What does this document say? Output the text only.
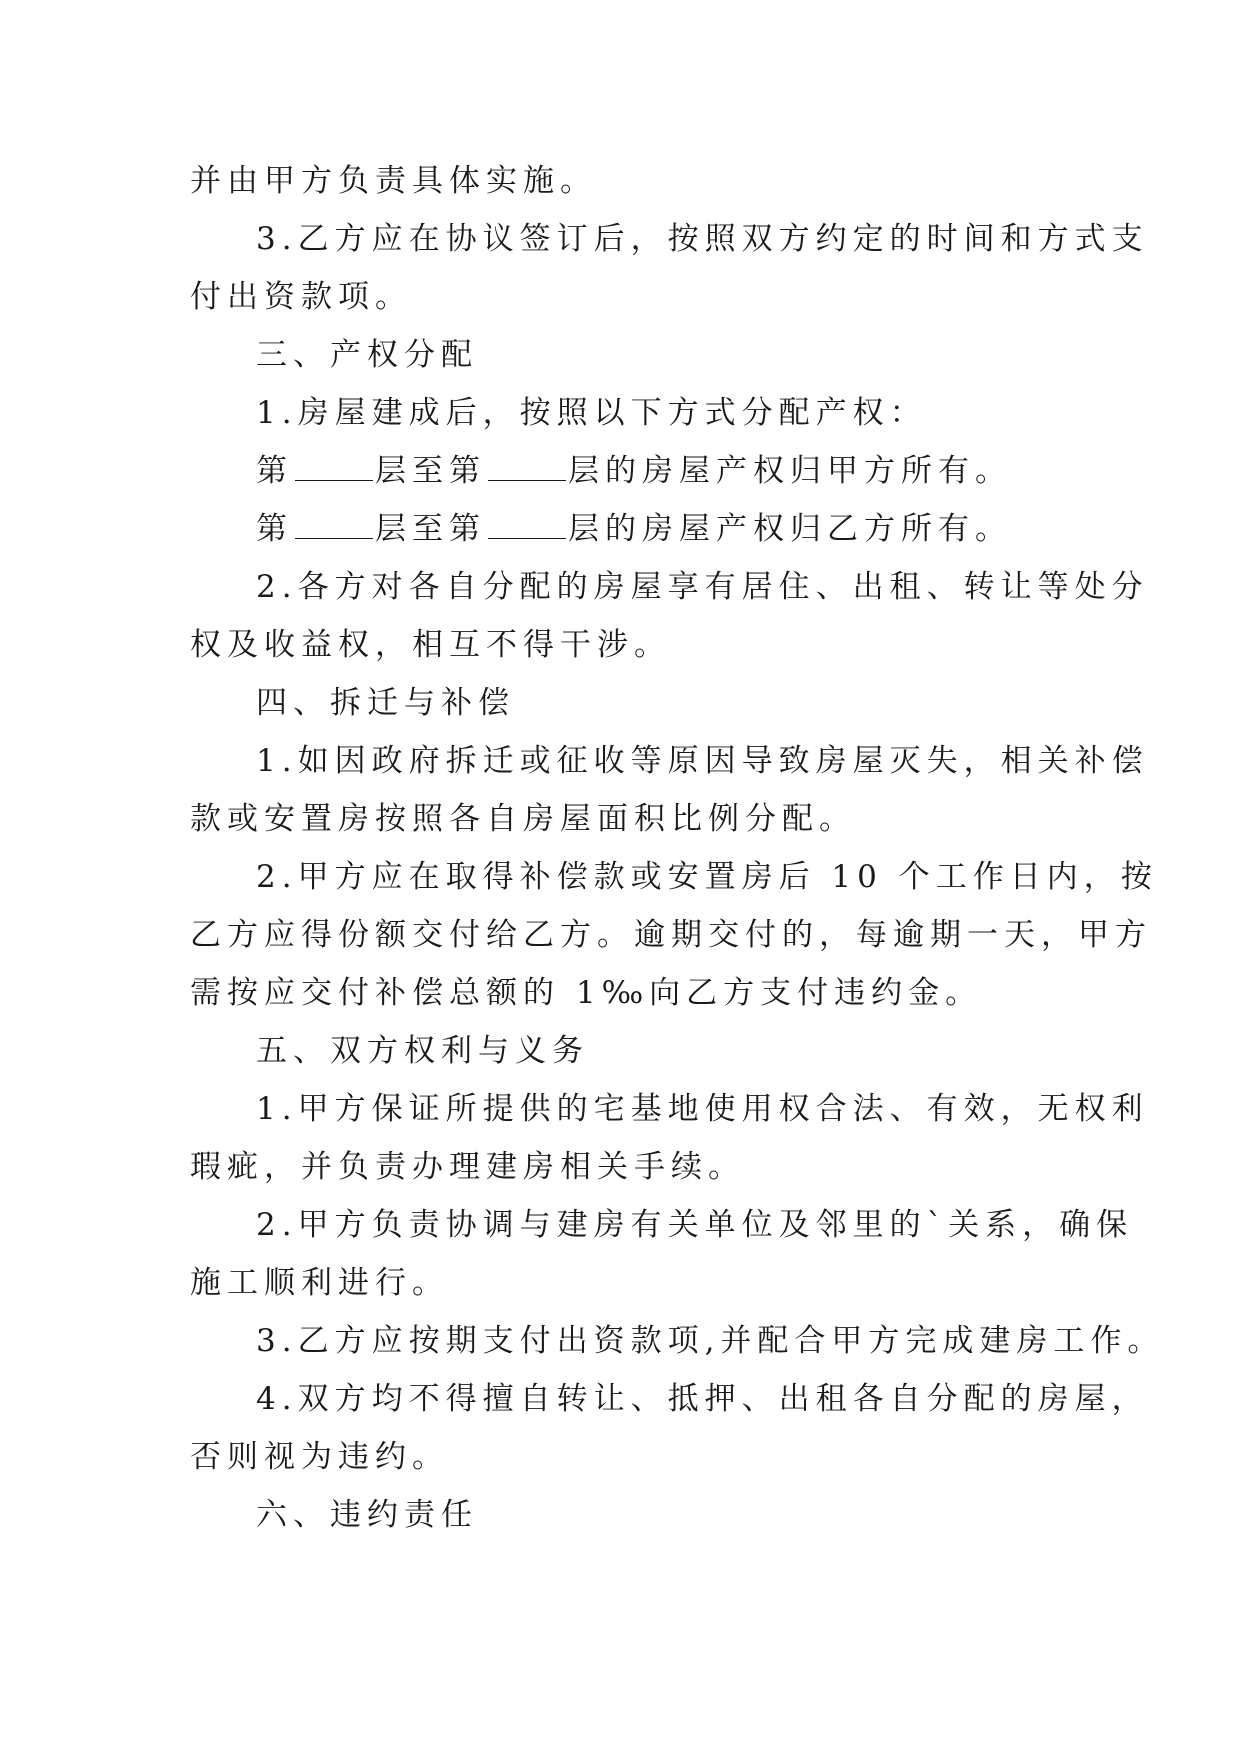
并由甲方负责具体实施。
3.乙方应在协议签订后，按照双方约定的时间和方式支
付出资款项。
三、产权分配
1.房屋建成后，按照以下方式分配产权：
第	层至第	层的房屋产权归甲方所有。
第	层至第	层的房屋产权归乙方所有。
2.各方对各自分配的房屋享有居住、出租、转让等处分
权及收益权，相互不得干涉。
四、拆迁与补偿
1.如因政府拆迁或征收等原因导致房屋灭失，相关补偿
款或安置房按照各自房屋面积比例分配。
2.甲方应在取得补偿款或安置房后 10 个工作日内，按
乙方应得份额交付给乙方。逾期交付的，每逾期一天，甲方
需按应交付补偿总额的 1‰向乙方支付违约金。
五、双方权利与义务
1.甲方保证所提供的宅基地使用权合法、有效，无权利
瑕疵，并负责办理建房相关手续。
2.甲方负责协调与建房有关单位及邻里的`关系，确保
施工顺利进行。
3.乙方应按期支付出资款项,并配合甲方完成建房工作。
4.双方均不得擅自转让、抵押、出租各自分配的房屋，
否则视为违约。
六、违约责任
